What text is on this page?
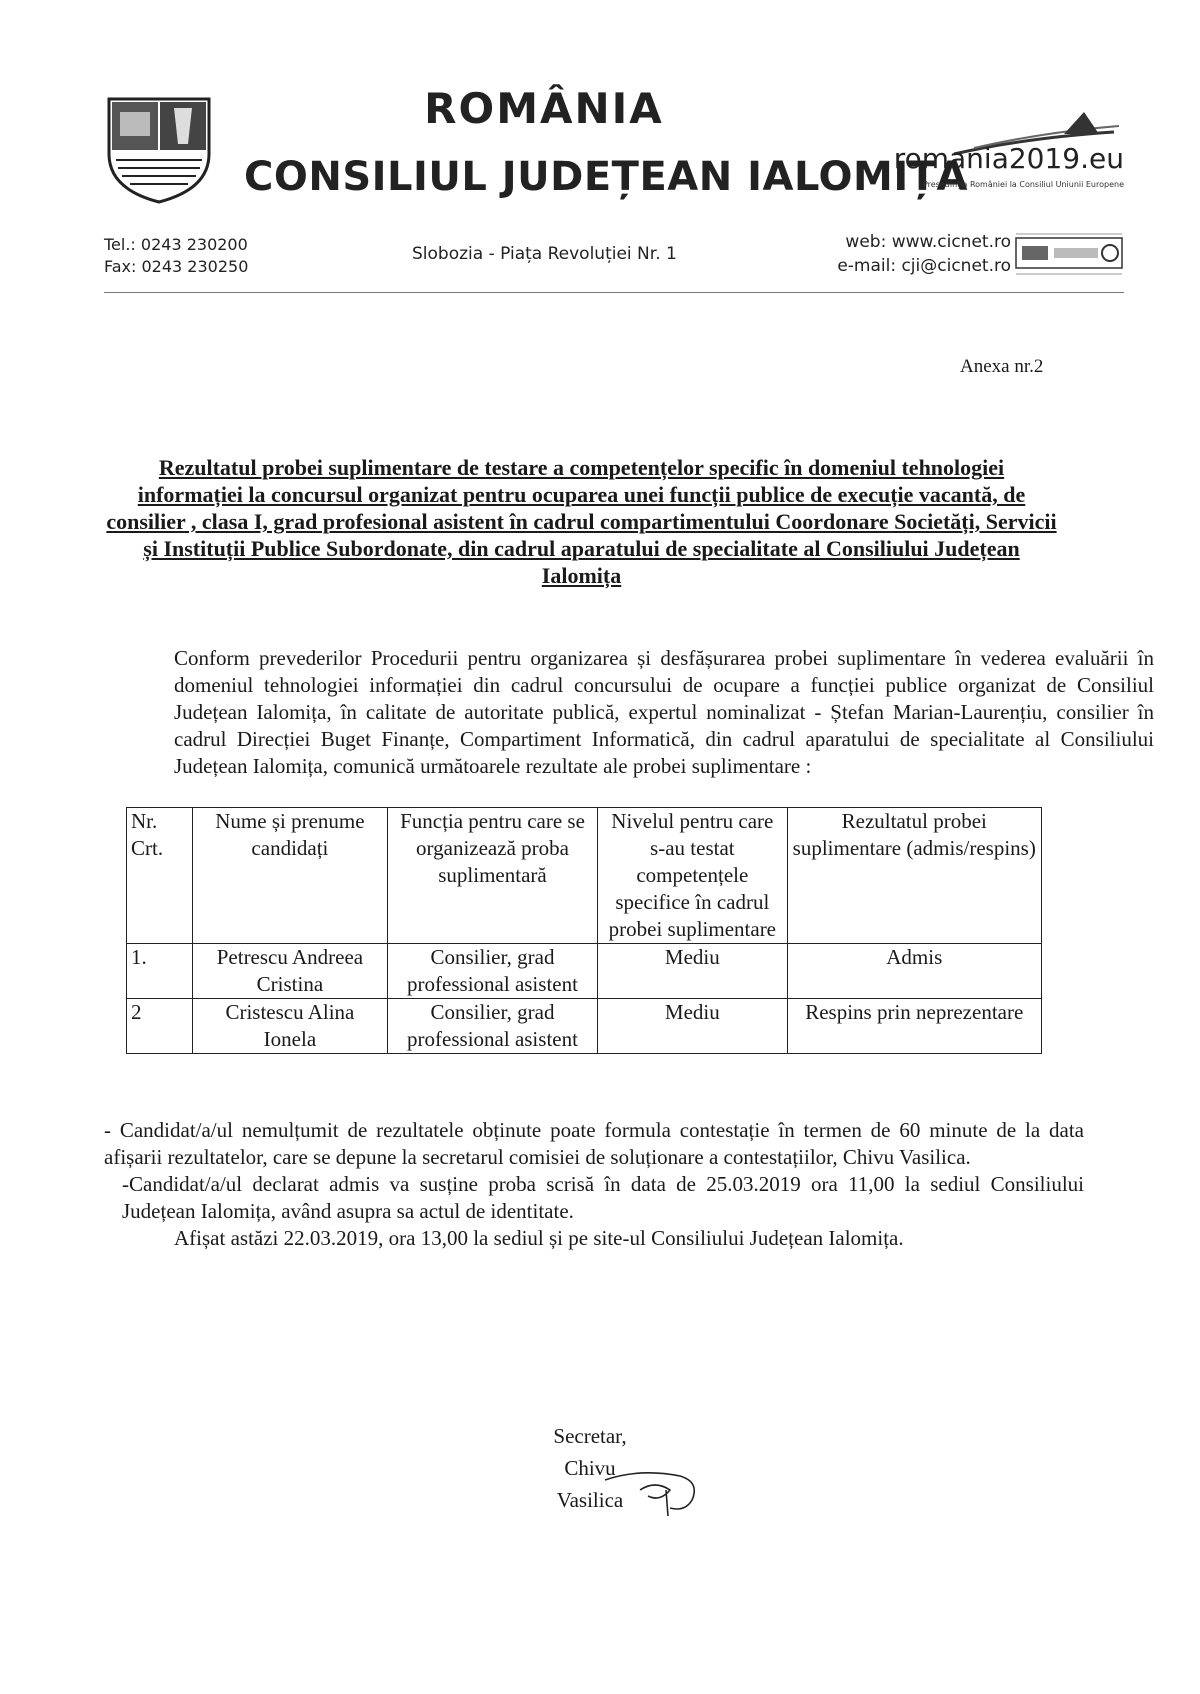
ROMÂNIA
CONSILIUL JUDEȚEAN IALOMIȚA
romania2019.eu
Președinția României la Consiliul Uniunii Europene
Tel.: 0243 230200
Fax: 0243 230250
Slobozia - Piața Revoluției Nr. 1
web: www.cicnet.ro
e-mail: cji@cicnet.ro
Anexa nr.2
Rezultatul probei suplimentare de testare a competențelor specific în domeniul tehnologiei informației la concursul organizat pentru ocuparea unei funcții publice de execuție vacantă, de consilier , clasa I, grad profesional asistent în cadrul compartimentului Coordonare Societăți, Servicii și Instituții Publice Subordonate, din cadrul aparatului de specialitate al Consiliului Județean Ialomița
Conform prevederilor Procedurii pentru organizarea și desfășurarea probei suplimentare în vederea evaluării în domeniul tehnologiei informației din cadrul concursului de ocupare a funcției publice organizat de Consiliul Județean Ialomița, în calitate de autoritate publică, expertul nominalizat - Ștefan Marian-Laurențiu, consilier în cadrul Direcției Buget Finanțe, Compartiment Informatică, din cadrul aparatului de specialitate al Consiliului Județean Ialomița, comunică următoarele rezultate ale probei suplimentare :
Nr. Crt.	Nume și prenume candidați	Funcția pentru care se organizează proba suplimentară	Nivelul pentru care s-au testat competențele specifice în cadrul probei suplimentare	Rezultatul probei suplimentare (admis/respins)
1.	Petrescu Andreea Cristina	Consilier, grad professional asistent	Mediu	Admis
2	Cristescu Alina Ionela	Consilier, grad professional asistent	Mediu	Respins prin neprezentare

- Candidat/a/ul nemulțumit de rezultatele obținute poate formula contestație în termen de 60 minute de la data afișarii rezultatelor, care se depune la secretarul comisiei de soluționare a contestațiilor, Chivu Vasilica.

-Candidat/a/ul declarat admis va susține proba scrisă în data de 25.03.2019 ora 11,00 la sediul Consiliului Județean Ialomița, având asupra sa actul de identitate.

Afișat astăzi 22.03.2019, ora 13,00 la sediul și pe site-ul Consiliului Județean Ialomița.

Secretar,
Chivu Vasilica
